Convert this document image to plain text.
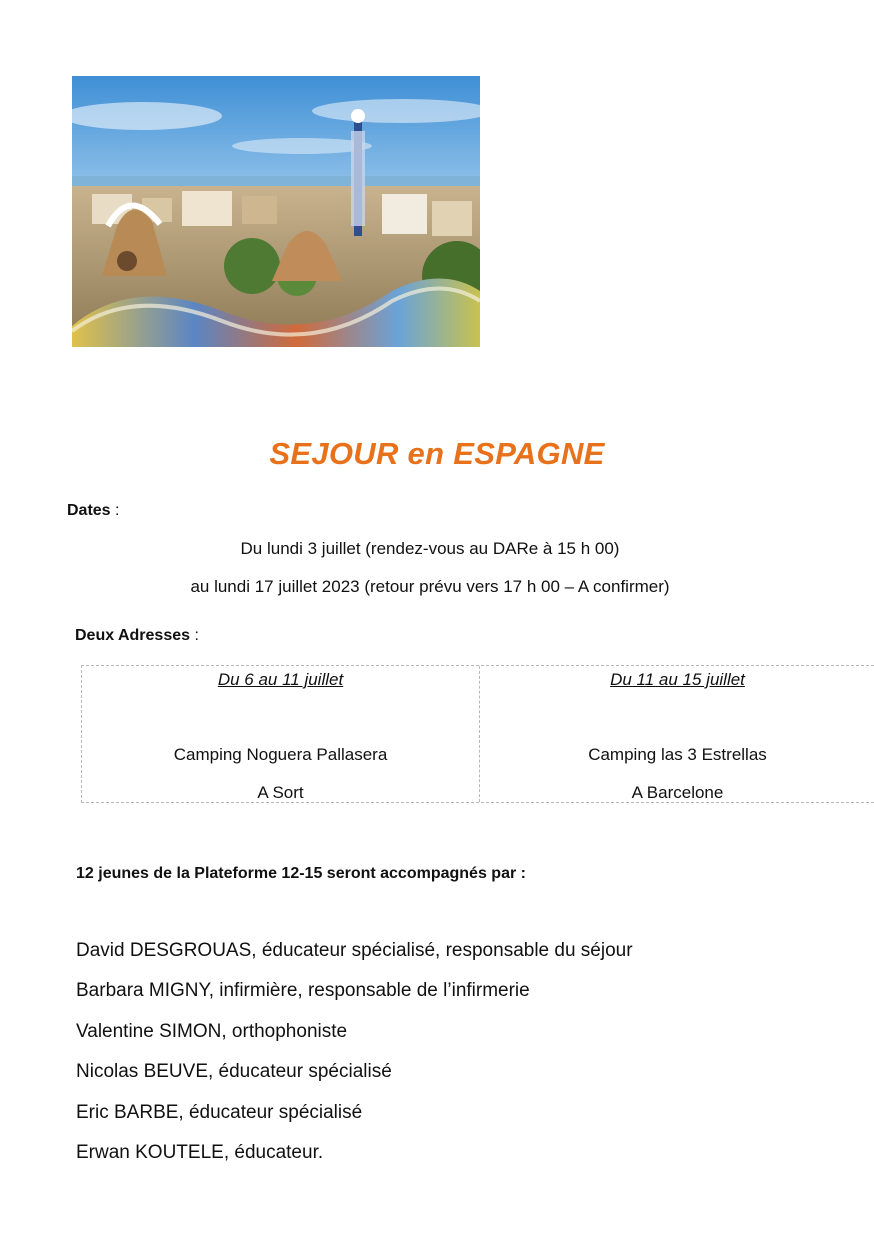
SEJOUR en ESPAGNE
Dates :
Du lundi 3 juillet (rendez-vous au DARe à 15 h 00)
au lundi 17 juillet 2023 (retour prévu vers 17 h 00 – A confirmer)
Deux Adresses :
Du 6 au 11 juillet
Camping Noguera Pallasera
A Sort
Du 11 au 15 juillet
Camping las 3 Estrellas
A Barcelone
12 jeunes de la Plateforme 12-15 seront accompagnés par :
David DESGROUAS, éducateur spécialisé, responsable du séjour
Barbara MIGNY, infirmière, responsable de l’infirmerie
Valentine SIMON, orthophoniste
Nicolas BEUVE, éducateur spécialisé
Eric BARBE, éducateur spécialisé
Erwan KOUTELE, éducateur.
